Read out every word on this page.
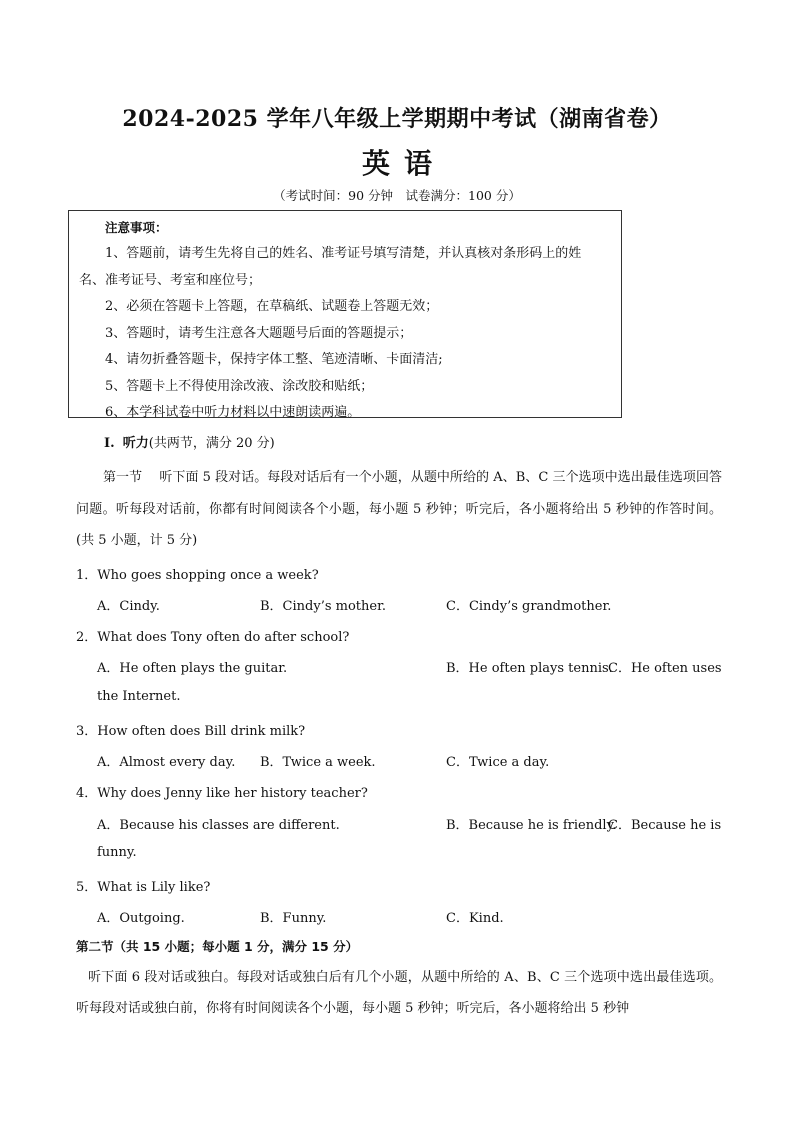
2024-2025 学年八年级上学期期中考试（湖南省卷）
英语
（考试时间：90 分钟　试卷满分：100 分）
注意事项：

1、答题前，请考生先将自己的姓名、准考证号填写清楚，并认真核对条形码上的姓

名、准考证号、考室和座位号；

2、必须在答题卡上答题，在草稿纸、试题卷上答题无效；

3、答题时，请考生注意各大题题号后面的答题提示；

4、请勿折叠答题卡，保持字体工整、笔迹清晰、卡面清洁;

5、答题卡上不得使用涂改液、涂改胶和贴纸；

6、本学科试卷中听力材料以中速朗读两遍。

I. 听力(共两节，满分 20 分)
第一节　 听下面 5 段对话。每段对话后有一个小题，从题中所给的 A、B、C 三个选项中选出最佳选项回答问题。听每段对话前，你都有时间阅读各个小题，每小题 5 秒钟；听完后，各小题将给出 5 秒钟的作答时间。(共 5 小题，计 5 分)
1．Who goes shopping once a week?
A．Cindy.	B．Cindy’s mother.	C．Cindy’s grandmother.
2．What does Tony often do after school?
A．He often plays the guitar.	B．He often plays tennis.
C．He often uses
the Internet.
3．How often does Bill drink milk?
A．Almost every day. B．Twice a week.	C．Twice a day.
4．Why does Jenny like her history teacher?
A．Because his classes are different.	B．Because he is friendly.
C．Because he is
funny.
5．What is Lily like?
A．Outgoing.	B．Funny.	C．Kind.
第二节（共 15 小题；每小题 1 分，满分 15 分）
听下面 6 段对话或独白。每段对话或独白后有几个小题，从题中所给的 A、B、C 三个选项中选出最佳选项。听每段对话或独白前，你将有时间阅读各个小题，每小题 5 秒钟；听完后，各小题将给出 5 秒钟
